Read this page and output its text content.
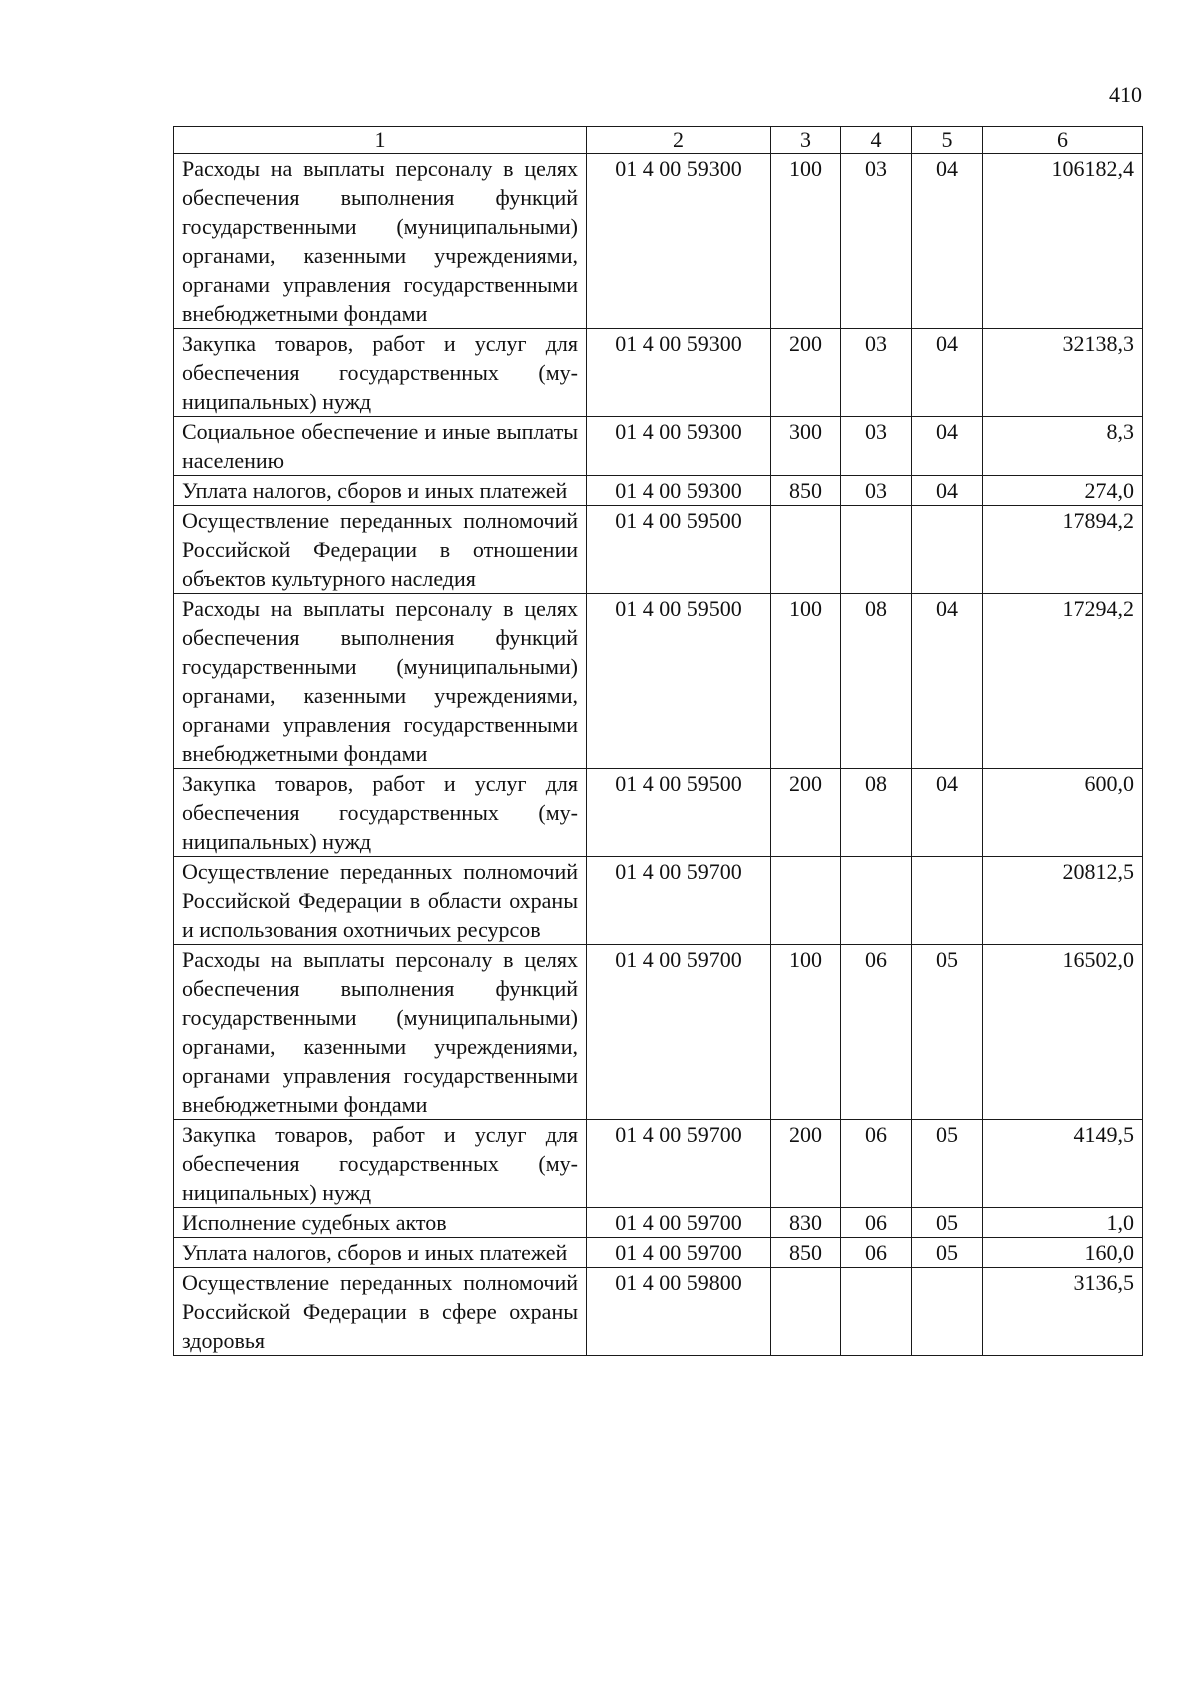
410
1	2	3	4	5	6
Расходы на выплаты персоналу в целях обеспечения выполнения функций государственными (муниципальными) органами, казенными учреждениями, органами управления государственными внебюджетными фондами	01 4 00 59300	100	03	04	106182,4
Закупка товаров, работ и услуг для обеспечения государственных (муниципальных) нужд	01 4 00 59300	200	03	04	32138,3
Социальное обеспечение и иные выплаты населению	01 4 00 59300	300	03	04	8,3
Уплата налогов, сборов и иных платежей	01 4 00 59300	850	03	04	274,0
Осуществление переданных полномочий Российской Федерации в отношении объектов культурного наследия	01 4 00 59500				17894,2
Расходы на выплаты персоналу в целях обеспечения выполнения функций государственными (муниципальными) органами, казенными учреждениями, органами управления государственными внебюджетными фондами	01 4 00 59500	100	08	04	17294,2
Закупка товаров, работ и услуг для обеспечения государственных (муниципальных) нужд	01 4 00 59500	200	08	04	600,0
Осуществление переданных полномочий Российской Федерации в области охраны и использования охотничьих ресурсов	01 4 00 59700				20812,5
Расходы на выплаты персоналу в целях обеспечения выполнения функций государственными (муниципальными) органами, казенными учреждениями, органами управления государственными внебюджетными фондами	01 4 00 59700	100	06	05	16502,0
Закупка товаров, работ и услуг для обеспечения государственных (муниципальных) нужд	01 4 00 59700	200	06	05	4149,5
Исполнение судебных актов	01 4 00 59700	830	06	05	1,0
Уплата налогов, сборов и иных платежей	01 4 00 59700	850	06	05	160,0
Осуществление переданных полномочий Российской Федерации в сфере охраны здоровья	01 4 00 59800				3136,5
